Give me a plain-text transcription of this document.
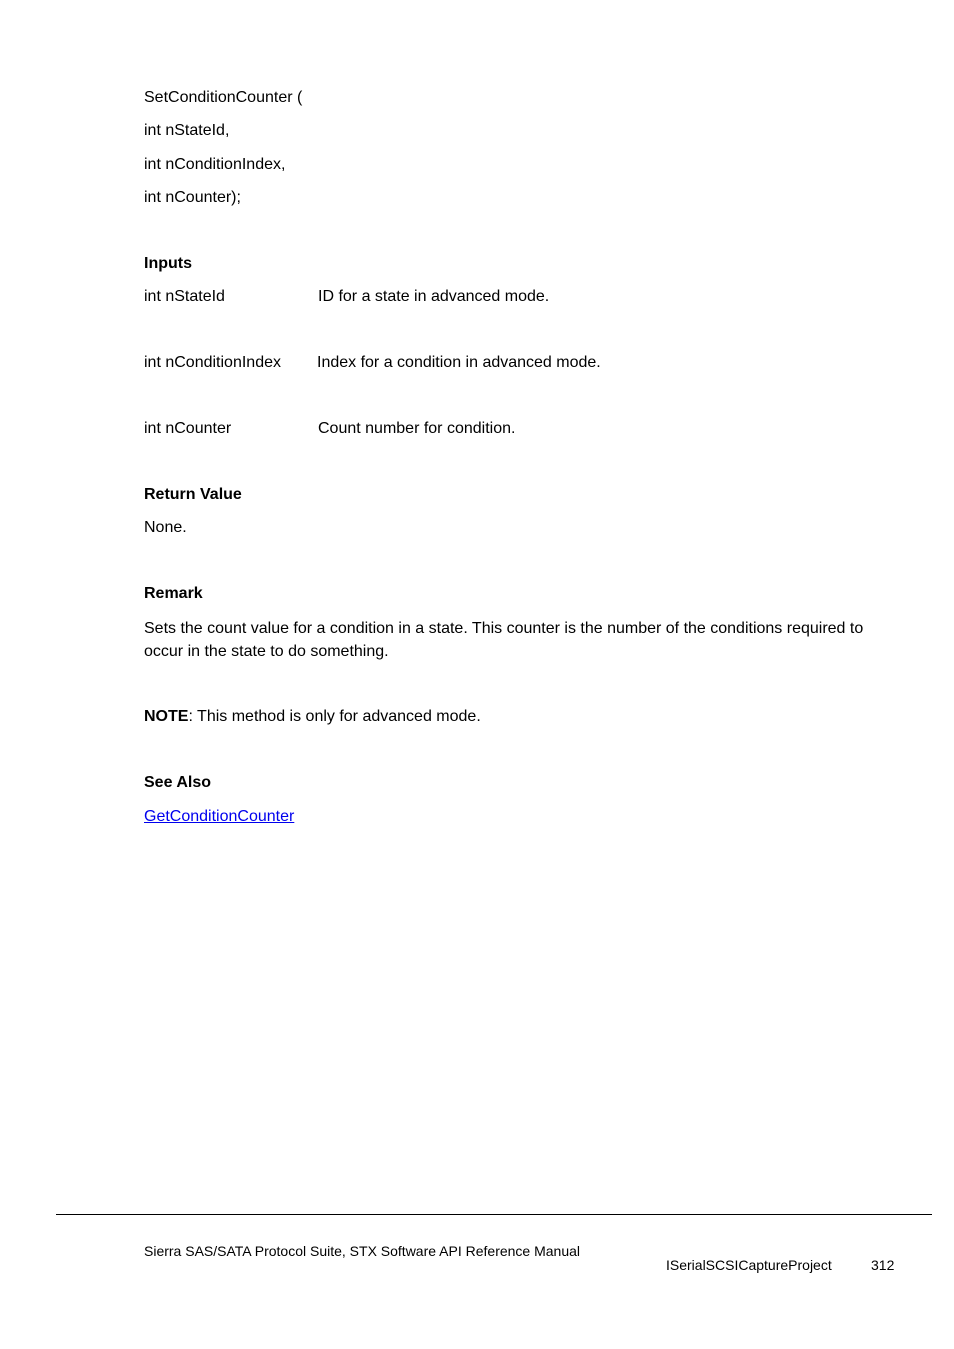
SetConditionCounter (
int nStateId,
int nConditionIndex,
int nCounter);
Inputs
int nStateId	ID for a state in advanced mode.
int nConditionIndex Index for a condition in advanced mode.
int nCounter	Count number for condition.
Return Value
None.
Remark
Sets the count value for a condition in a state. This counter is the number of the conditions required to occur in the state to do something.
NOTE: This method is only for advanced mode.
See Also
GetConditionCounter
Sierra SAS/SATA Protocol Suite, STX Software API Reference Manual
ISerialSCSICaptureProject	312
